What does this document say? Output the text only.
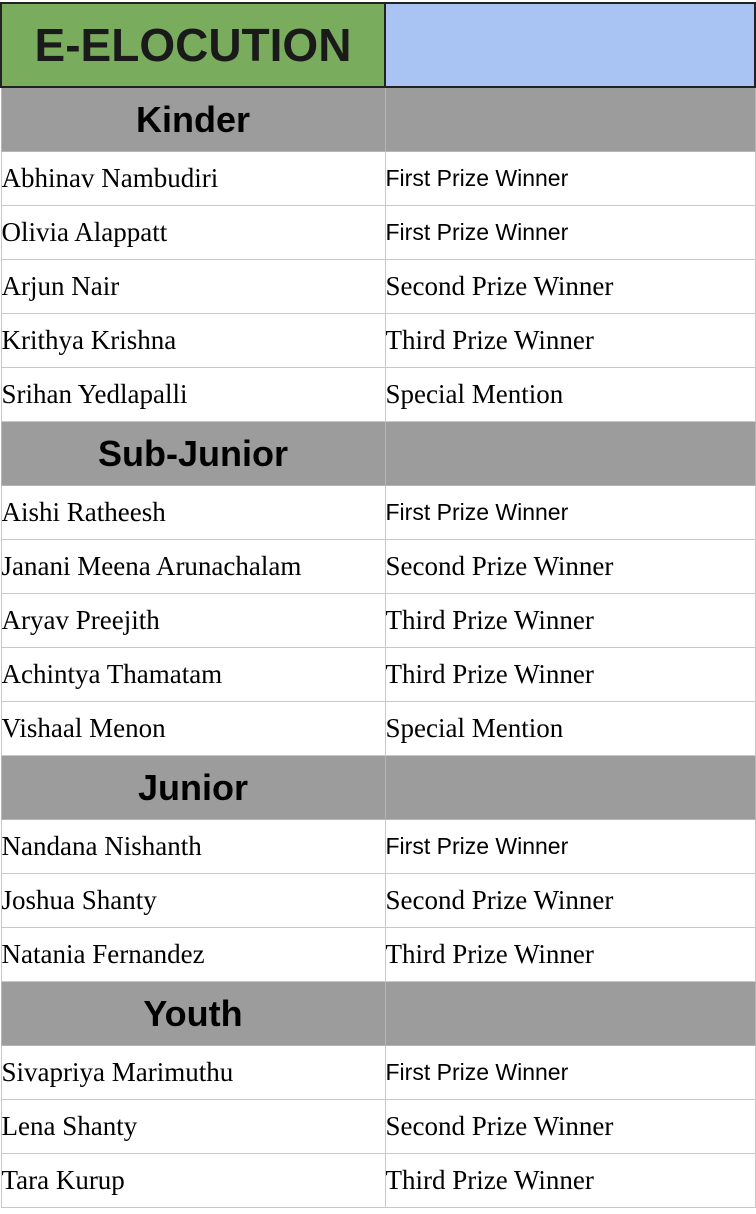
E-ELOCUTION	
Kinder	
Abhinav Nambudiri	First Prize Winner
Olivia Alappatt	First Prize Winner
Arjun Nair	Second Prize Winner
Krithya Krishna	Third Prize Winner
Srihan Yedlapalli	Special Mention
Sub-Junior	
Aishi Ratheesh	First Prize Winner
Janani Meena Arunachalam	Second Prize Winner
Aryav Preejith	Third Prize Winner
Achintya Thamatam	Third Prize Winner
Vishaal Menon	Special Mention
Junior	
Nandana Nishanth	First Prize Winner
Joshua Shanty	Second Prize Winner
Natania Fernandez	Third Prize Winner
Youth	
Sivapriya Marimuthu	First Prize Winner
Lena Shanty	Second Prize Winner
Tara Kurup	Third Prize Winner
